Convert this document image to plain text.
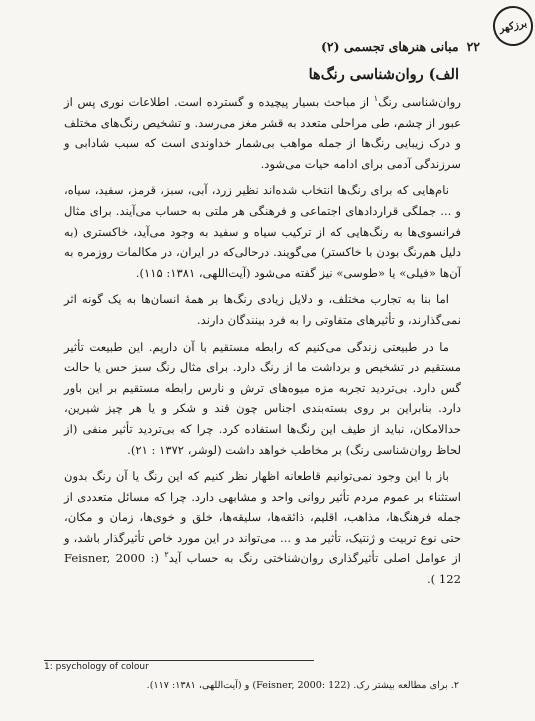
برزکهر
۲۲
مبانی هنرهای تجسمی (۲)
الف) روان‌شناسی رنگ‌ها

روان‌شناسی رنگ$^۱$ از مباحث بسیار پیچیده و گسترده است. اطلاعات نوری پس از عبور از چشم، طی مراحلی متعدد به قشر مغز می‌رسد. و تشخیص رنگ‌های مختلف و درک زیبایی رنگ‌ها از جمله مواهب بی‌شمار خداوندی است که سبب شادابی و سرزندگی آدمی برای ادامه حیات می‌شود.

نام‌هایی که برای رنگ‌ها انتخاب شده‌اند نظیر زرد، آبی، سبز، قرمز، سفید، سیاه، و ... جملگی قراردادهای اجتماعی و فرهنگی هر ملتی به حساب می‌آیند. برای مثال فرانسوی‌ها به رنگ‌هایی که از ترکیب سیاه و سفید به وجود می‌آید، خاکستری (به دلیل هم‌رنگ بودن با خاکستر) می‌گویند. درحالی‌که در ایران، در مکالمات روزمره به آن‌ها «فیلی» یا «طوسی» نیز گفته می‌شود (آیت‌اللهی، ۱۳۸۱: ۱۱۵).

اما بنا به تجارب مختلف، و دلایل زیادی رنگ‌ها بر همهٔ انسان‌ها به یک گونه اثر نمی‌گذارند، و تأثیرهای متفاوتی را به فرد بینندگان دارند.

ما در طبیعتی زندگی می‌کنیم که رابطه مستقیم با آن داریم. این طبیعت تأثیر مستقیم در تشخیص و برداشت ما از رنگ دارد. برای مثال رنگ سبز حس یا حالت گس دارد. بی‌تردید تجربه مزه میوه‌های ترش و نارس رابطه مستقیم بر این باور دارد. بنابراین بر روی بسته‌بندی اجناس چون قند و شکر و یا هر چیز شیرین، حدالامکان، نباید از طیف این رنگ‌ها استفاده کرد. چرا که بی‌تردید تأثیر منفی (از لحاظ روان‌شناسی رنگ) بر مخاطب خواهد داشت (لوشر، ۱۳۷۲ : ۲۱).

باز با این وجود نمی‌توانیم قاطعانه اظهار نظر کنیم که این رنگ یا آن رنگ بدون استثناء بر عموم مردم تأثیر روانی واحد و مشابهی دارد. چرا که مسائل متعددی از جمله فرهنگ‌ها، مذاهب، اقلیم، ذائقه‌ها، سلیقه‌ها، خلق و خوی‌ها، زمان و مکان، حتی نوع تربیت و ژنتیک، تأثیر مد و ... می‌تواند در این مورد خاص تأثیرگذار باشد، و از عوامل اصلی تأثیرگذاری روان‌شناختی رنگ به حساب آید$^۲$ (Feisner, 2000 : 122 ).

1: psychology of colour
۲. برای مطالعه بیشتر رک. (Feisner, 2000: 122) و (آیت‌اللهی، ۱۳۸۱: ۱۱۷).
